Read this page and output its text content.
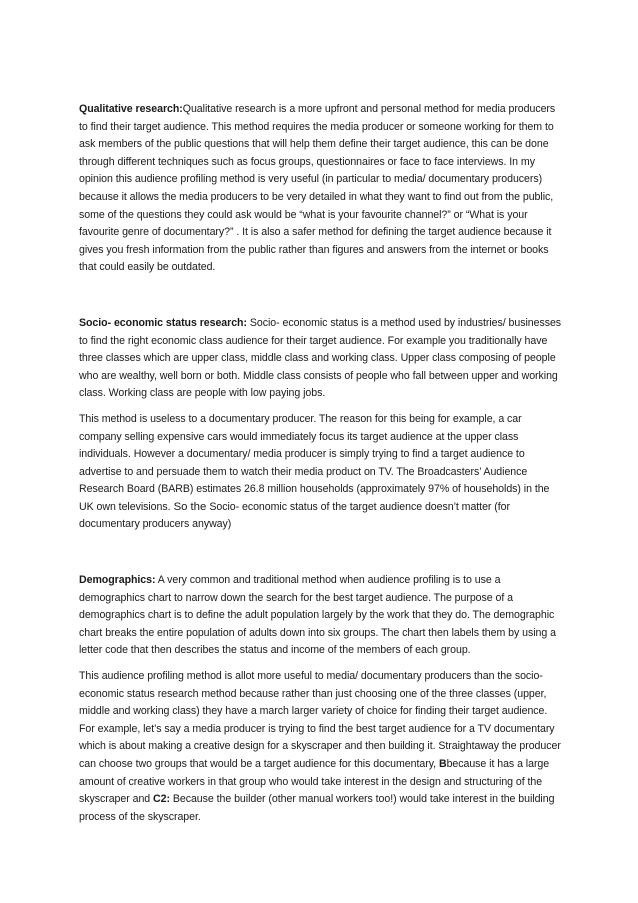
Qualitative research:Qualitative research is a more upfront and personal method for media producers to find their target audience. This method requires the media producer or someone working for them to ask members of the public questions that will help them define their target audience, this can be done through different techniques such as focus groups, questionnaires or face to face interviews. In my opinion this audience profiling method is very useful (in particular to media/ documentary producers) because it allows the media producers to be very detailed in what they want to find out from the public, some of the questions they could ask would be “what is your favourite channel?” or “What is your favourite genre of documentary?” . It is also a safer method for defining the target audience because it gives you fresh information from the public rather than figures and answers from the internet or books that could easily be outdated.

Socio- economic status research: Socio- economic status is a method used by industries/ businesses to find the right economic class audience for their target audience. For example you traditionally have three classes which are upper class, middle class and working class. Upper class composing of people who are wealthy, well born or both. Middle class consists of people who fall between upper and working class. Working class are people with low paying jobs.

This method is useless to a documentary producer. The reason for this being for example, a car company selling expensive cars would immediately focus its target audience at the upper class individuals. However a documentary/ media producer is simply trying to find a target audience to advertise to and persuade them to watch their media product on TV. The Broadcasters’ Audience Research Board (BARB) estimates 26.8 million households (approximately 97% of households) in the UK own televisions. So the Socio- economic status of the target audience doesn’t matter (for documentary producers anyway)

Demographics: A very common and traditional method when audience profiling is to use a demographics chart to narrow down the search for the best target audience. The purpose of a demographics chart is to define the adult population largely by the work that they do. The demographic chart breaks the entire population of adults down into six groups. The chart then labels them by using a letter code that then describes the status and income of the members of each group.

This audience profiling method is allot more useful to media/ documentary producers than the socio- economic status research method because rather than just choosing one of the three classes (upper, middle and working class) they have a march larger variety of choice for finding their target audience. For example, let’s say a media producer is trying to find the best target audience for a TV documentary which is about making a creative design for a skyscraper and then building it. Straightaway the producer can choose two groups that would be a target audience for this documentary, Bbecause it has a large amount of creative workers in that group who would take interest in the design and structuring of the skyscraper and C2: Because the builder (other manual workers too!) would take interest in the building process of the skyscraper.
